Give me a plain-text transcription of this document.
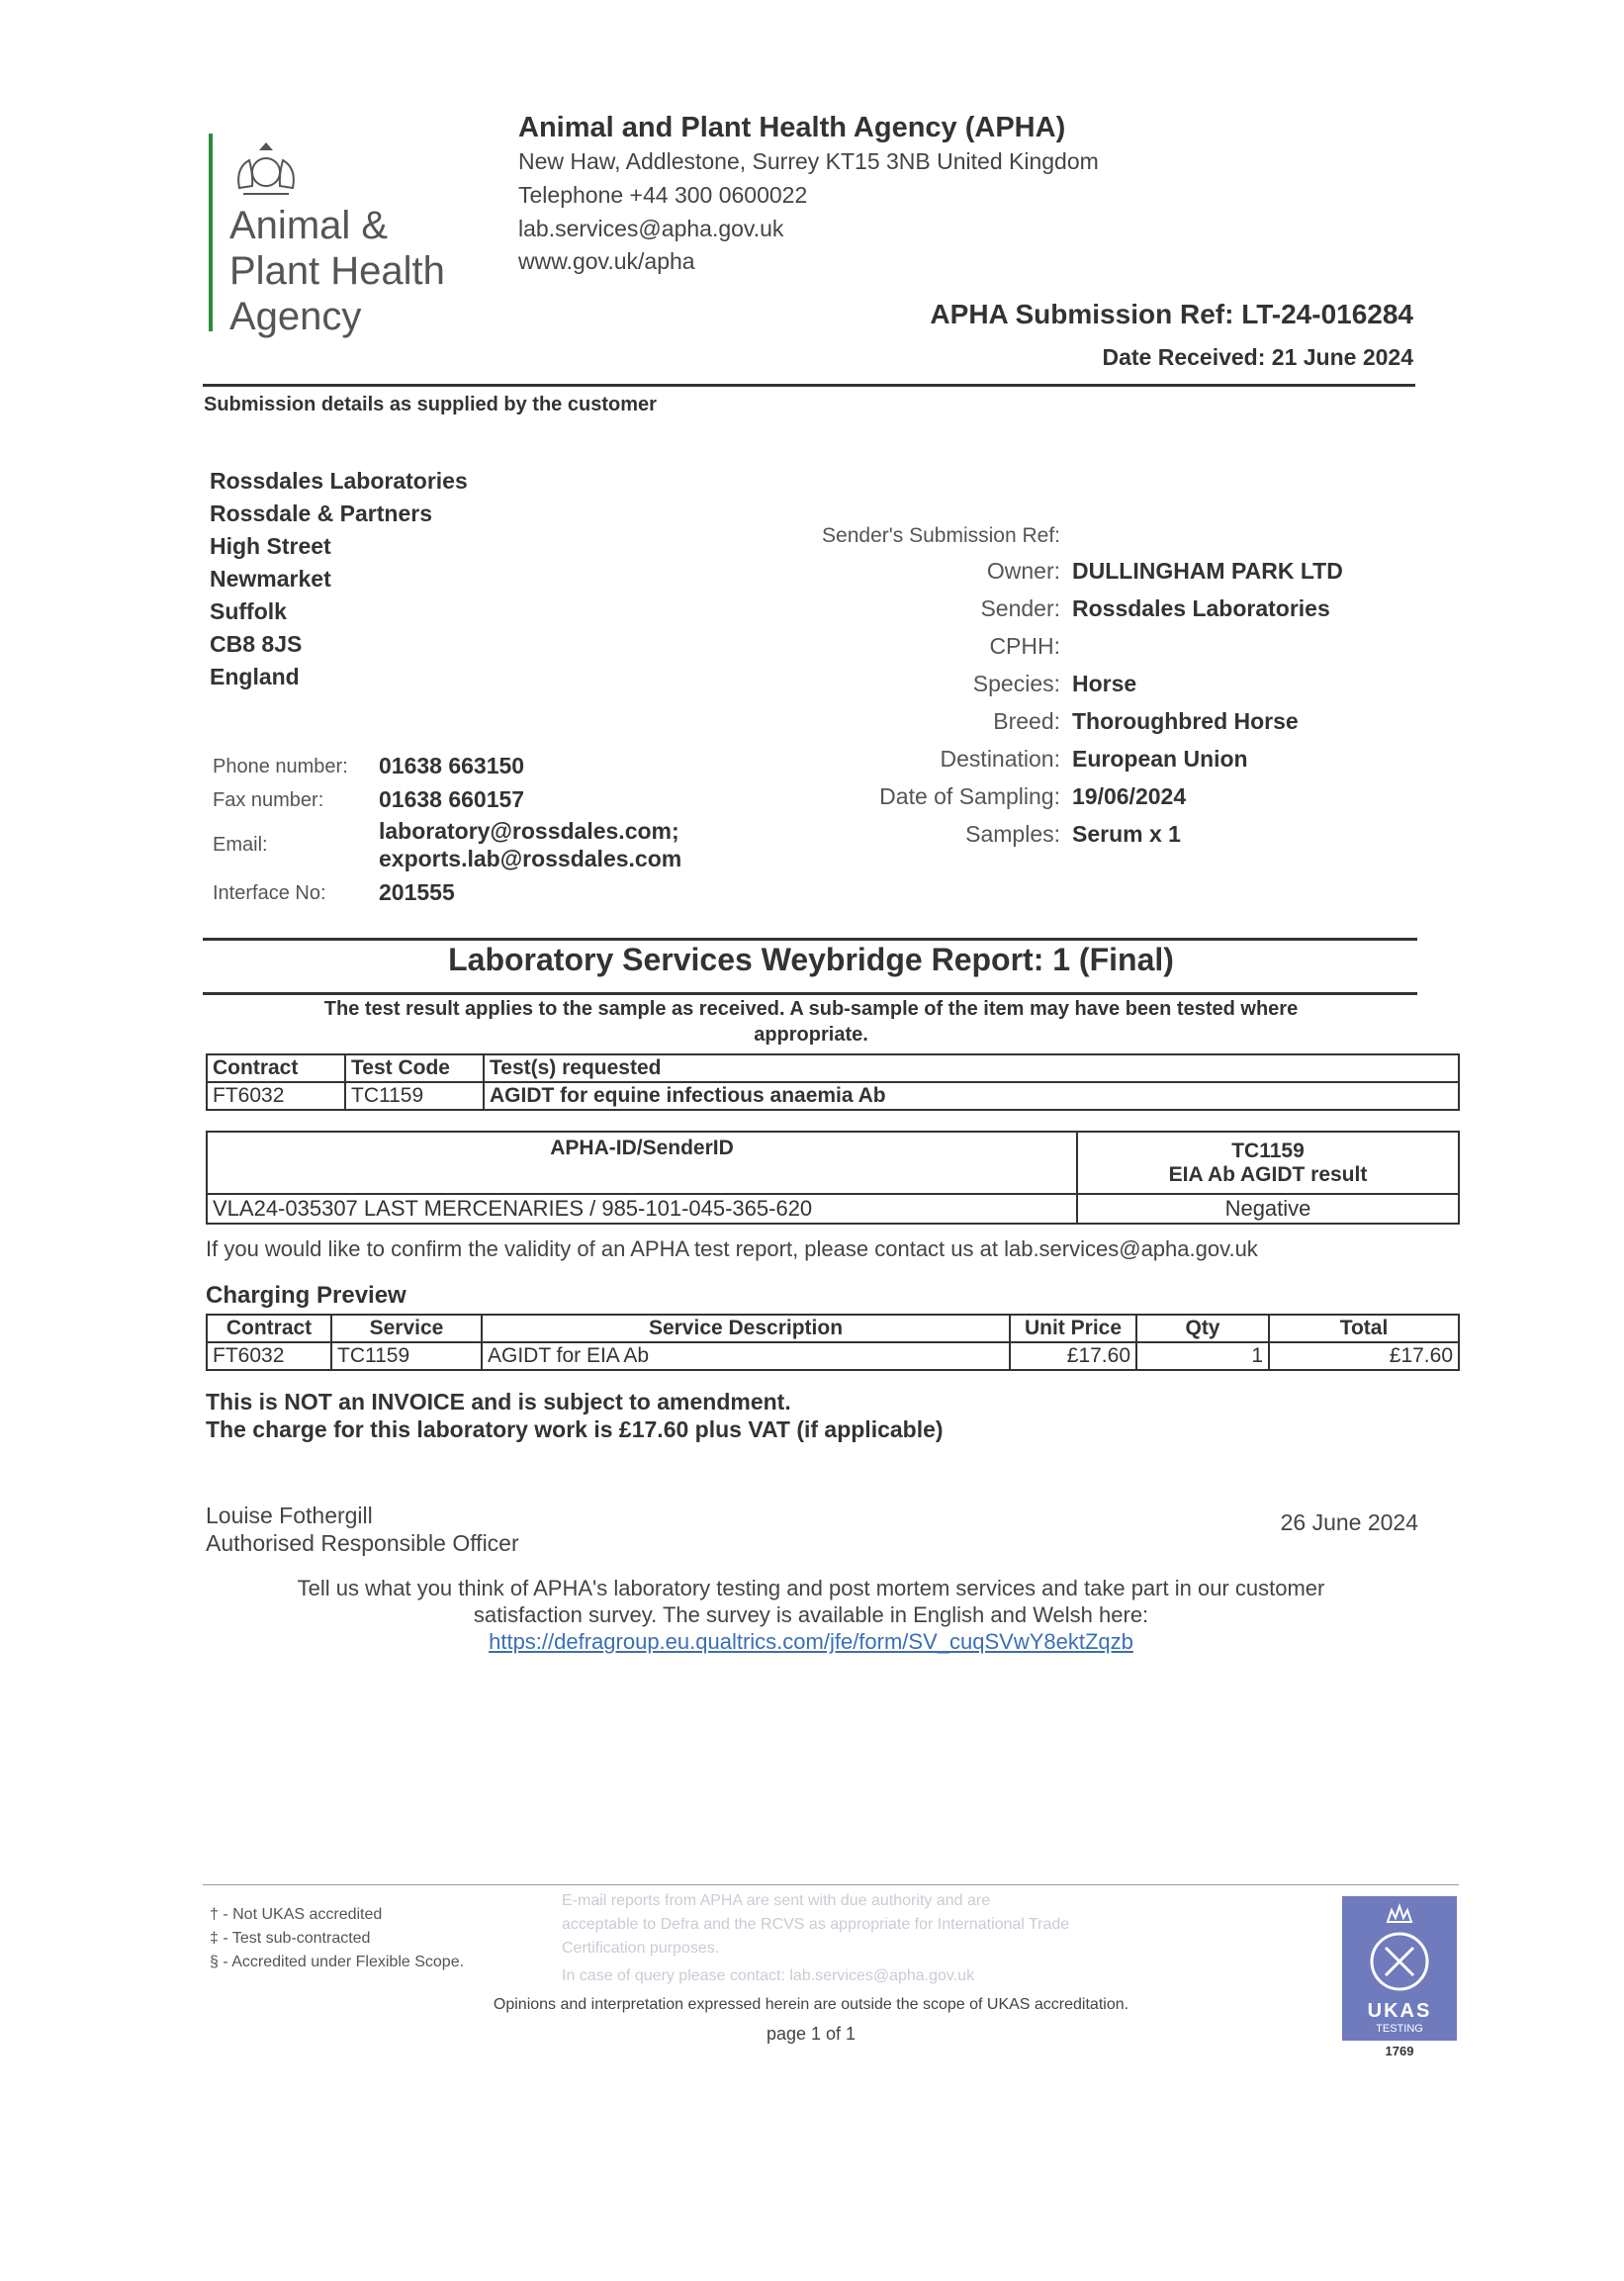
Animal &
Plant Health
Agency
Animal and Plant Health Agency (APHA)
New Haw, Addlestone, Surrey KT15 3NB United Kingdom
Telephone +44 300 0600022
lab.services@apha.gov.uk
www.gov.uk/apha
APHA Submission Ref: LT-24-016284
Date Received: 21 June 2024
Submission details as supplied by the customer
Rossdales Laboratories
Rossdale & Partners
High Street
Newmarket
Suffolk
CB8 8JS
England
Phone number: 01638 663150
Fax number: 01638 660157
Email:
laboratory@rossdales.com;
exports.lab@rossdales.com
Interface No: 201555
Sender's Submission Ref:
Owner: DULLINGHAM PARK LTD
Sender: Rossdales Laboratories
CPHH:
Species: Horse
Breed: Thoroughbred Horse
Destination: European Union
Date of Sampling: 19/06/2024
Samples: Serum x 1
Laboratory Services Weybridge Report: 1 (Final)
The test result applies to the sample as received. A sub-sample of the item may have been tested where
appropriate.
Contract	Test Code	Test(s) requested
FT6032	TC1159	AGIDT for equine infectious anaemia Ab
APHA-ID/SenderID	TC1159
EIA Ab AGIDT result

VLA24-035307 LAST MERCENARIES / 985-101-045-365-620	Negative
If you would like to confirm the validity of an APHA test report, please contact us at lab.services@apha.gov.uk
Charging Preview
Contract	Service	Service Description	Unit Price	Qty	Total
FT6032	TC1159	AGIDT for EIA Ab	£17.60	1	£17.60
This is NOT an INVOICE and is subject to amendment.
The charge for this laboratory work is £17.60 plus VAT (if applicable)
Louise Fothergill
Authorised Responsible Officer
26 June 2024
Tell us what you think of APHA's laboratory testing and post mortem services and take part in our customer
satisfaction survey. The survey is available in English and Welsh here:
https://defragroup.eu.qualtrics.com/jfe/form/SV_cuqSVwY8ektZqzb
† - Not UKAS accredited
‡ - Test sub-contracted
§ - Accredited under Flexible Scope.
E-mail reports from APHA are sent with due authority and are
acceptable to Defra and the RCVS as appropriate for International Trade
Certification purposes.
In case of query please contact: lab.services@apha.gov.uk
Opinions and interpretation expressed herein are outside the scope of UKAS accreditation.
page 1 of 1
UKAS
TESTING
1769
